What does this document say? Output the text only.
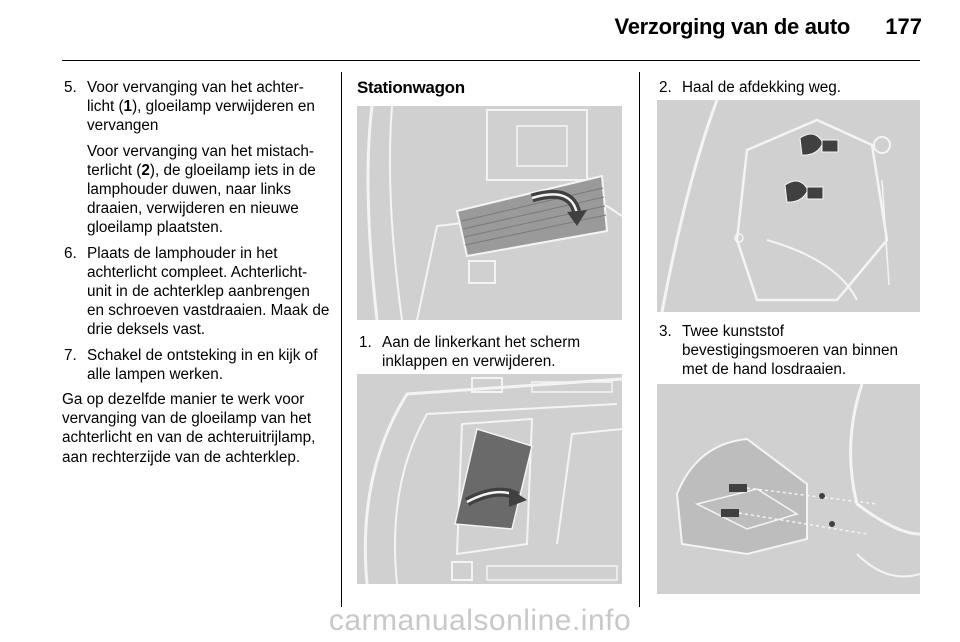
Verzorging van de auto	177
5. Voor vervanging van het achter-
licht (1), gloeilamp verwijderen en
vervangen

Voor vervanging van het mistach-
terlicht (2), de gloeilamp iets in de
lamphouder duwen, naar links draaien, verwijderen en nieuwe gloeilamp plaatsten.

6. Plaats de lamphouder in het achterlicht compleet. Achterlicht-unit in de achterklep aanbrengen en schroeven vastdraaien. Maak de drie deksels vast.

7. Schakel de ontsteking in en kijk of alle lampen werken.

Ga op dezelfde manier te werk voor vervanging van de gloeilamp van het achterlicht en van de achteruitrijlamp, aan rechterzijde van de achterklep.

Stationwagon

1. Aan de linkerkant het scherm inklappen en verwijderen.

2. Haal de afdekking weg.

3. Twee kunststof bevestigingsmoeren van binnen met de hand losdraaien.

carmanualsonline.info
